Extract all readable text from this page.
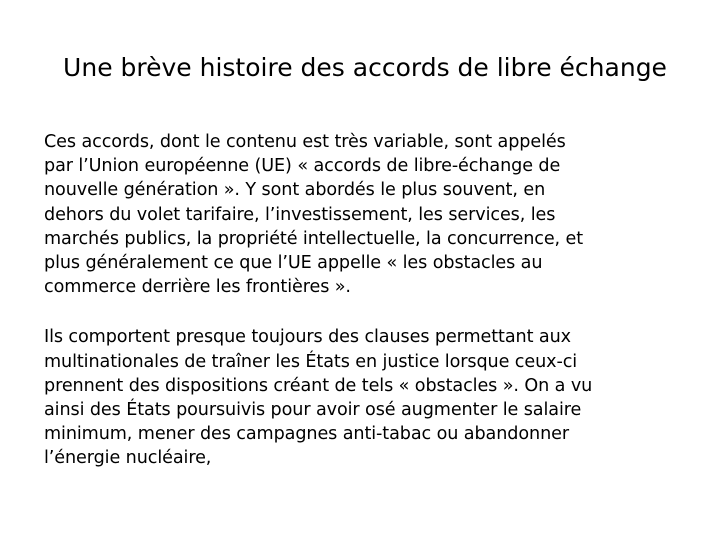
Une brève histoire des accords de libre échange

Ces accords, dont le contenu est très variable, sont appelés
par l’Union européenne (UE) « accords de libre-échange de
nouvelle génération ». Y sont abordés le plus souvent, en
dehors du volet tarifaire, l’investissement, les services, les
marchés publics, la propriété intellectuelle, la concurrence, et
plus généralement ce que l’UE appelle « les obstacles au
commerce derrière les frontières ».

Ils comportent presque toujours des clauses permettant aux
multinationales de traîner les États en justice lorsque ceux-ci
prennent des dispositions créant de tels « obstacles ». On a vu
ainsi des États poursuivis pour avoir osé augmenter le salaire
minimum, mener des campagnes anti-tabac ou abandonner
l’énergie nucléaire,
